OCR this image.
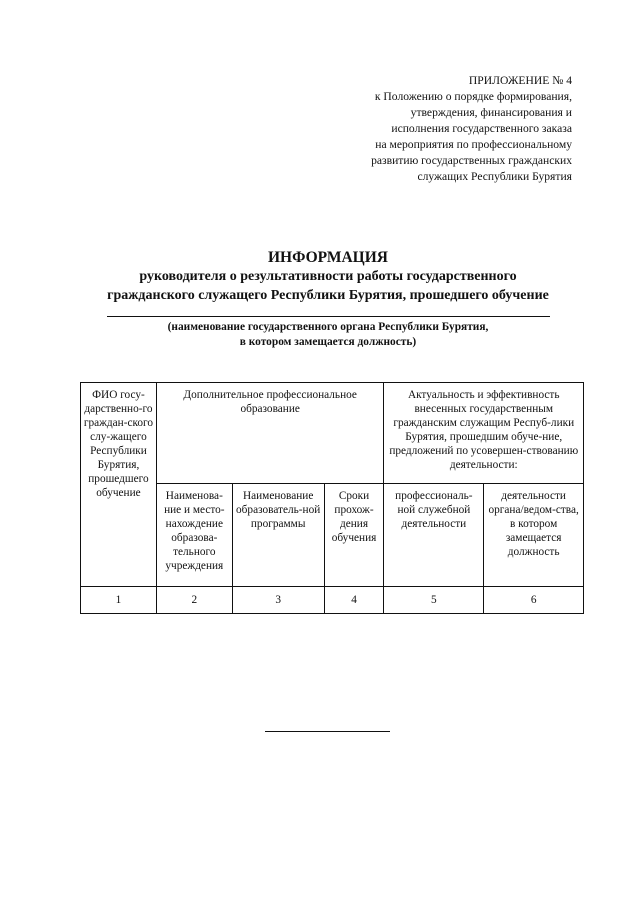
ПРИЛОЖЕНИЕ № 4
к Положению о порядке формирования,
утверждения, финансирования и
исполнения государственного заказа
на мероприятия по профессиональному
развитию государственных гражданских
служащих Республики Бурятия
ИНФОРМАЦИЯ
руководителя о результативности работы государственного
гражданского служащего Республики Бурятия, прошедшего обучение
(наименование государственного органа Республики Бурятия,
в котором замещается должность)
ФИО госу-дарственно-го граждан-ского слу-жащего Республики Бурятия, прошедшего обучение	Дополнительное профессиональное образование			Актуальность и эффективность внесенных государственным гражданским служащим Респуб-лики Бурятия, прошедшим обуче-ние, предложений по усовершен-ствованию деятельности:	
	Наименова-ние и место-нахождение образова-тельного учреждения	Наименование образователь-ной программы	Сроки прохож-дения обучения	профессиональ-ной служебной деятельности	деятельности органа/ведом-ства, в котором замещается должность
1	2	3	4	5	6
